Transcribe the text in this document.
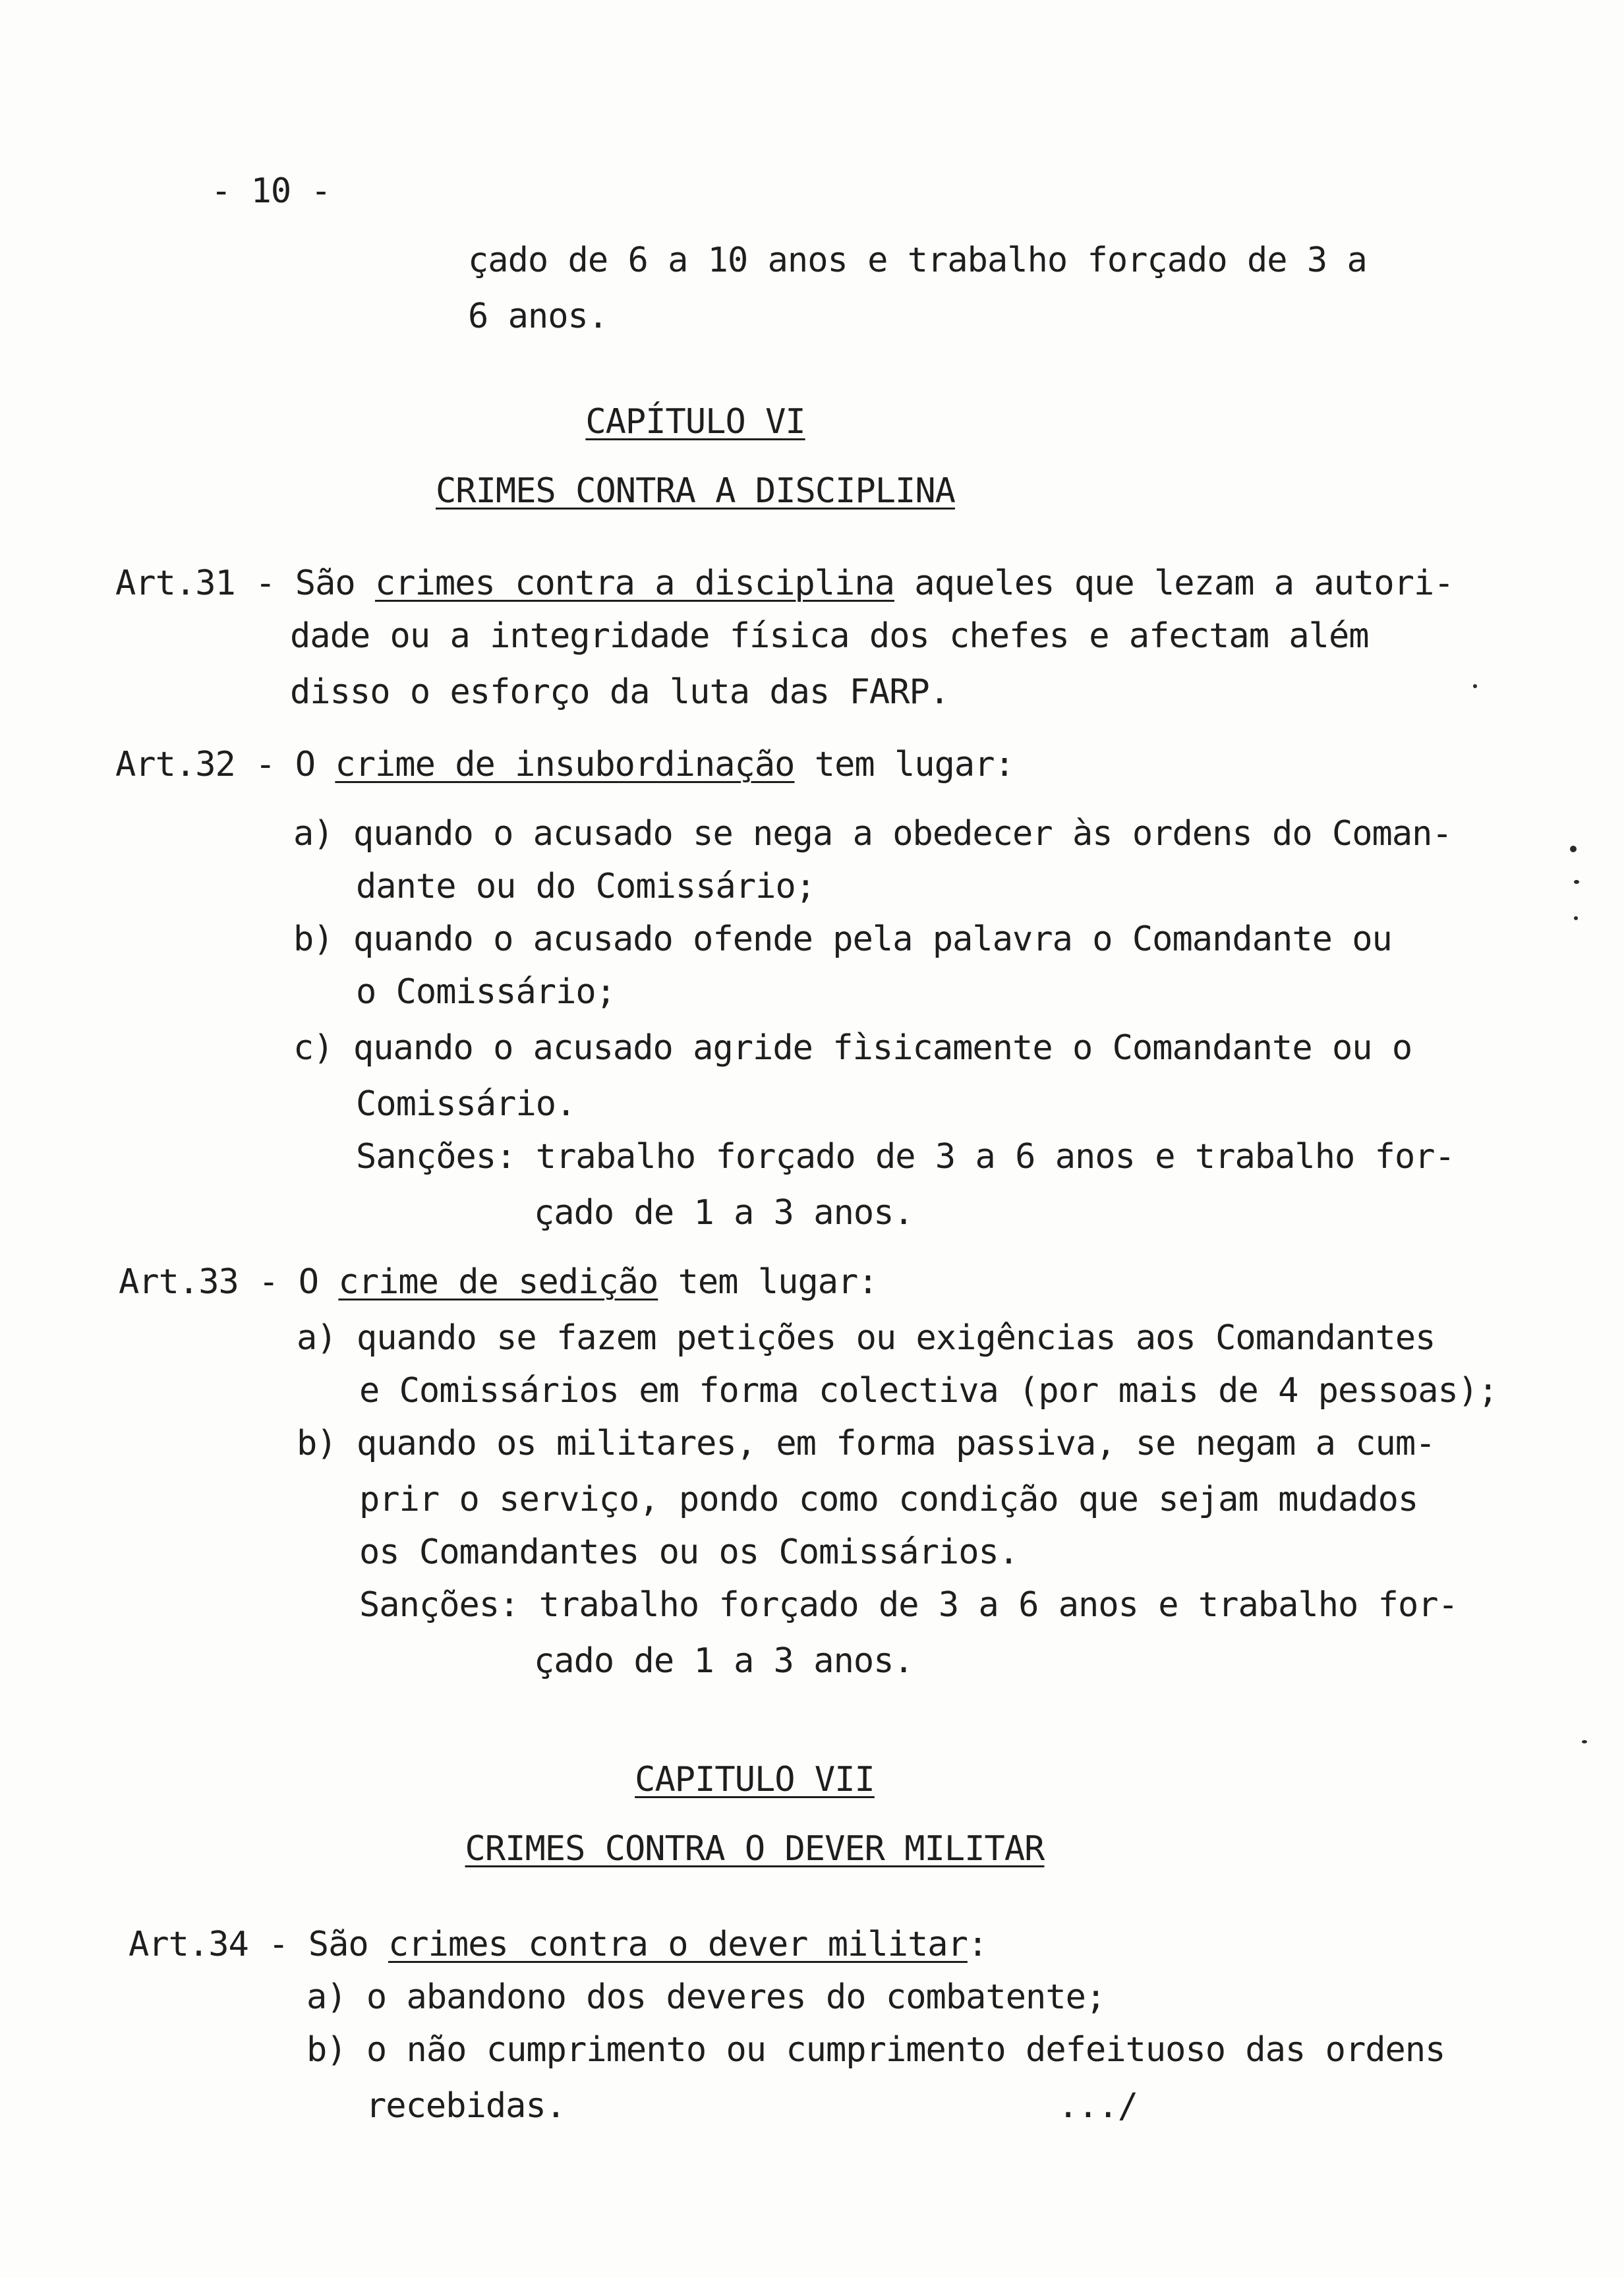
- 10 -
çado de 6 a 10 anos e trabalho forçado de 3 a
6 anos.
CAPÍTULO VI
CRIMES CONTRA A DISCIPLINA
Art.31 - São crimes contra a disciplina aqueles que lezam a autori-
dade ou a integridade física dos chefes e afectam além
disso o esforço da luta das FARP.
Art.32 - O crime de insubordinação tem lugar:
a) quando o acusado se nega a obedecer às ordens do Coman-
dante ou do Comissário;
b) quando o acusado ofende pela palavra o Comandante ou
o Comissário;
c) quando o acusado agride fìsicamente o Comandante ou o
Comissário.
Sanções: trabalho forçado de 3 a 6 anos e trabalho for-
çado de 1 a 3 anos.
Art.33 - O crime de sedição tem lugar:
a) quando se fazem petições ou exigências aos Comandantes
e Comissários em forma colectiva (por mais de 4 pessoas);
b) quando os militares, em forma passiva, se negam a cum-
prir o serviço, pondo como condição que sejam mudados
os Comandantes ou os Comissários.
Sanções: trabalho forçado de 3 a 6 anos e trabalho for-
çado de 1 a 3 anos.
CAPITULO VII
CRIMES CONTRA O DEVER MILITAR
Art.34 - São crimes contra o dever militar:
a) o abandono dos deveres do combatente;
b) o não cumprimento ou cumprimento defeituoso das ordens
recebidas.	.../
